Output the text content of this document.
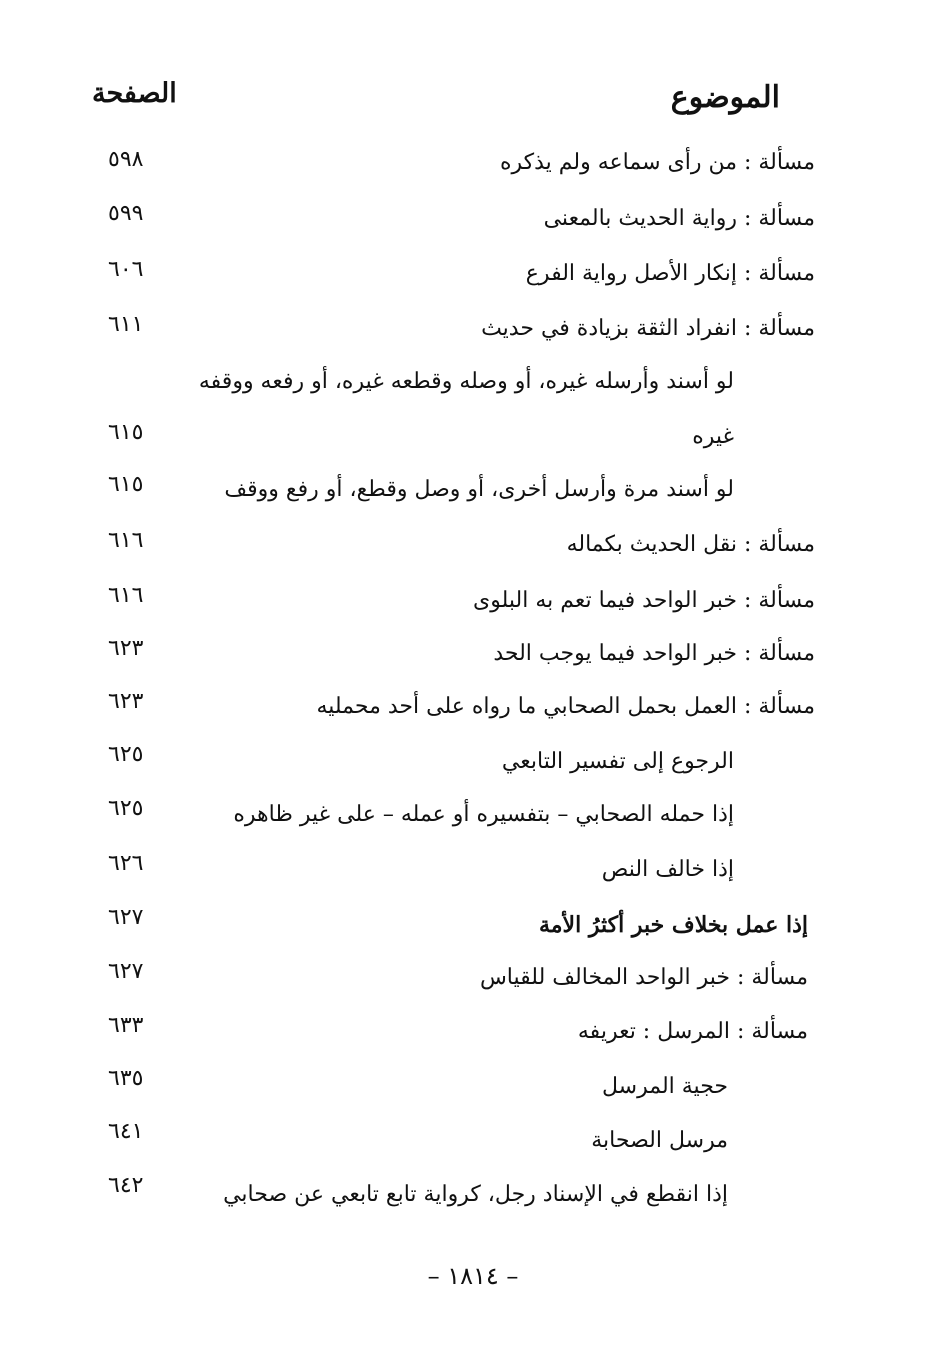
الموضوع
الصفحة
مسألة : من رأى سماعه ولم يذكره
٥٩٨
مسألة : رواية الحديث بالمعنى
٥٩٩
مسألة : إنكار الأصل رواية الفرع
٦٠٦
مسألة : انفراد الثقة بزيادة في حديث
٦١١
لو أسند وأرسله غيره، أو وصله وقطعه غيره، أو رفعه ووقفه
غيره
٦١٥
لو أسند مرة وأرسل أخرى، أو وصل وقطع، أو رفع ووقف
٦١٥
مسألة : نقل الحديث بكماله
٦١٦
مسألة : خبر الواحد فيما تعم به البلوى
٦١٦
مسألة : خبر الواحد فيما يوجب الحد
٦٢٣
مسألة : العمل بحمل الصحابي ما رواه على أحد محمليه
٦٢٣
الرجوع إلى تفسير التابعي
٦٢٥
إذا حمله الصحابي – بتفسيره أو عمله – على غير ظاهره
٦٢٥
إذا خالف النص
٦٢٦
إذا عمل بخلاف خبر أكثرُ الأمة
٦٢٧
مسألة : خبر الواحد المخالف للقياس
٦٢٧
مسألة : المرسل : تعريفه
٦٣٣
حجية المرسل
٦٣٥
مرسل الصحابة
٦٤١
إذا انقطع في الإسناد رجل، كرواية تابع تابعي عن صحابي
٦٤٢
– ١٨١٤ –
